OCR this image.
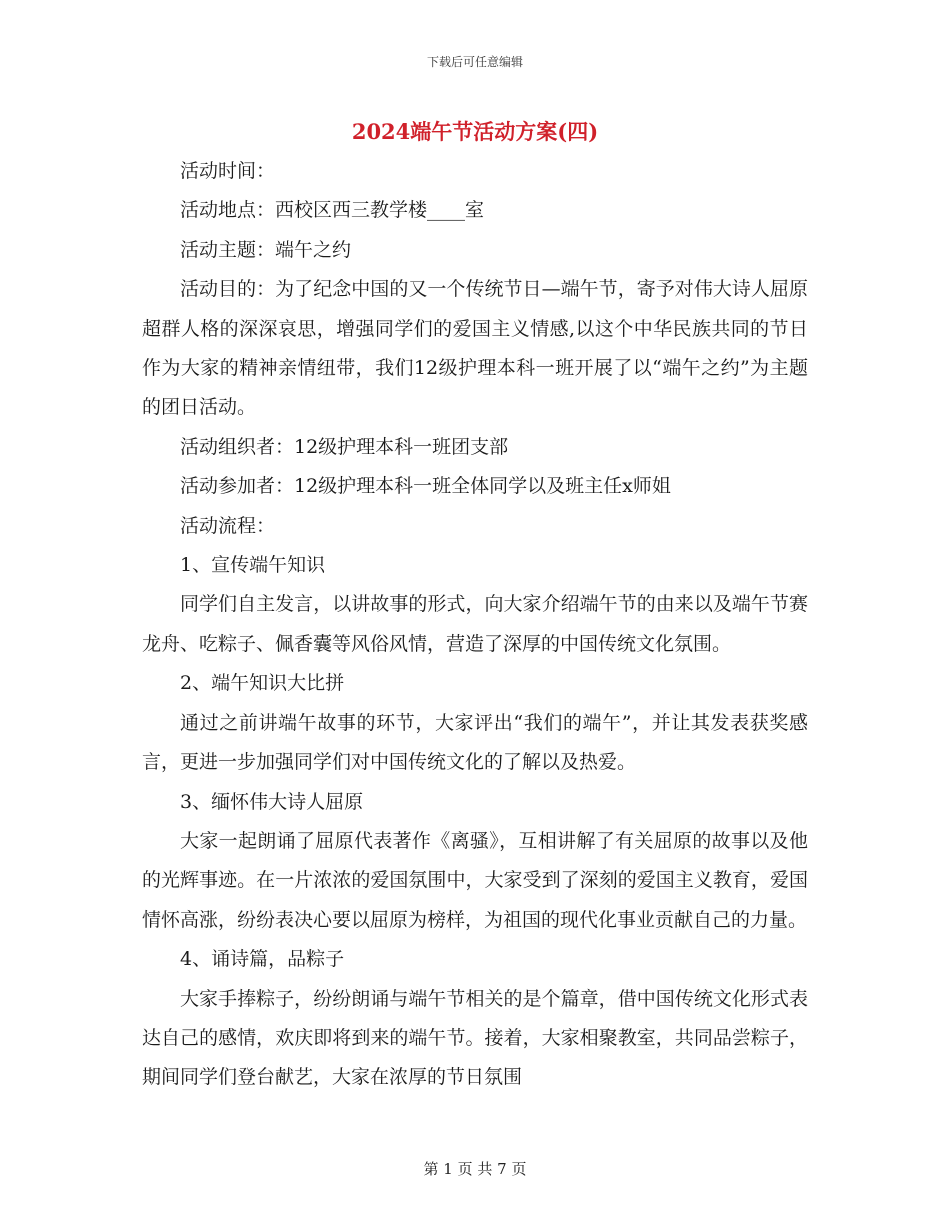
下载后可任意编辑
2024端午节活动方案(四)

活动时间：

活动地点：西校区西三教学楼____室

活动主题：端午之约

活动目的：为了纪念中国的又一个传统节日—端午节，寄予对伟大诗人屈原超群人格的深深哀思，增强同学们的爱国主义情感,以这个中华民族共同的节日作为大家的精神亲情纽带，我们12级护理本科一班开展了以“端午之约”为主题的团日活动。

活动组织者：12级护理本科一班团支部

活动参加者：12级护理本科一班全体同学以及班主任x师姐

活动流程：

1、宣传端午知识

同学们自主发言，以讲故事的形式，向大家介绍端午节的由来以及端午节赛龙舟、吃粽子、佩香囊等风俗风情，营造了深厚的中国传统文化氛围。

2、端午知识大比拼

通过之前讲端午故事的环节，大家评出“我们的端午”，并让其发表获奖感言，更进一步加强同学们对中国传统文化的了解以及热爱。

3、缅怀伟大诗人屈原

大家一起朗诵了屈原代表著作《离骚》，互相讲解了有关屈原的故事以及他的光辉事迹。在一片浓浓的爱国氛围中，大家受到了深刻的爱国主义教育，爱国情怀高涨，纷纷表决心要以屈原为榜样，为祖国的现代化事业贡献自己的力量。

4、诵诗篇，品粽子

大家手捧粽子，纷纷朗诵与端午节相关的是个篇章，借中国传统文化形式表达自己的感情，欢庆即将到来的端午节。接着，大家相聚教室，共同品尝粽子，期间同学们登台献艺，大家在浓厚的节日氛围

第 1 页 共 7 页
